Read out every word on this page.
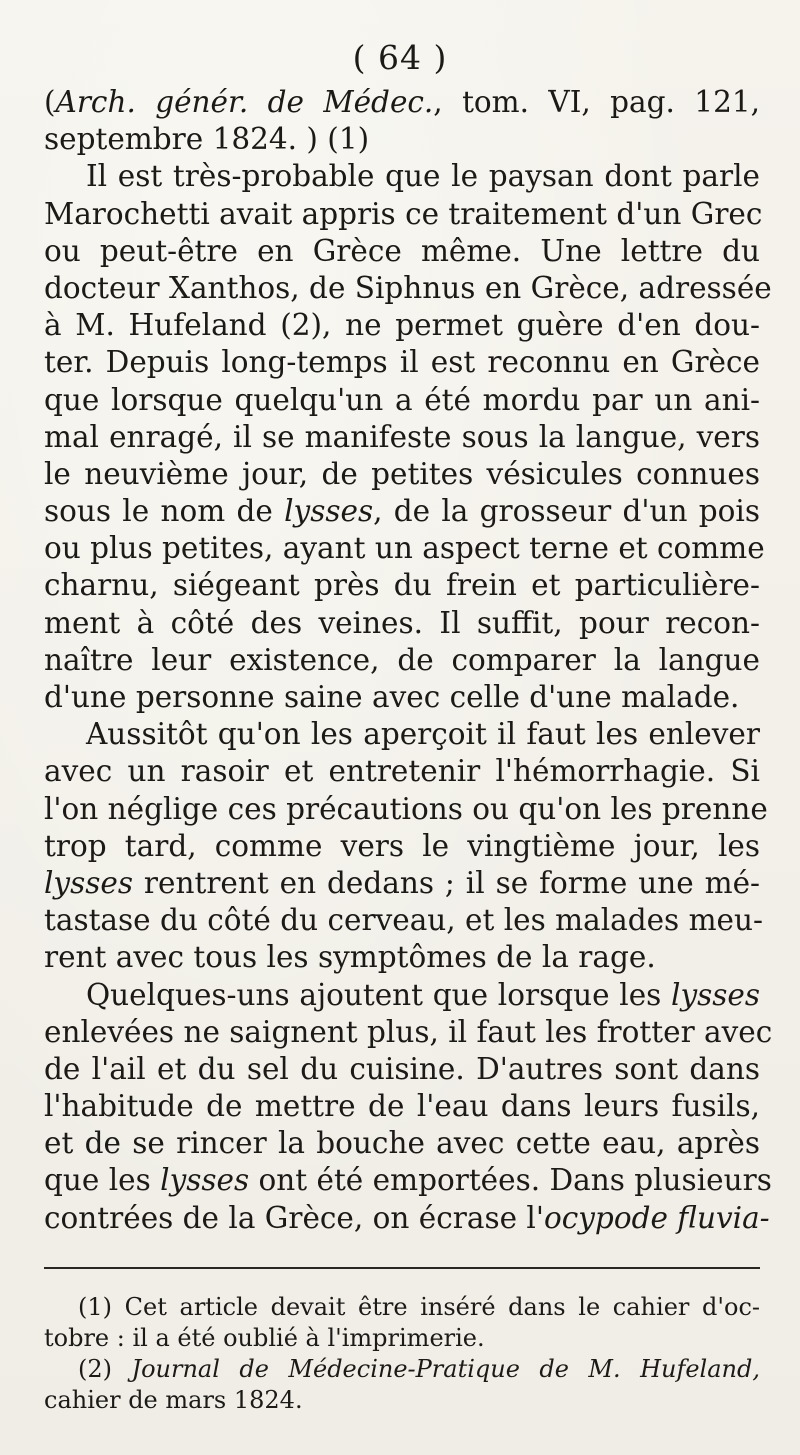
( 64 )
(Arch. génér. de Médec., tom. VI, pag. 121,
septembre 1824. ) (1)
Il est très-probable que le paysan dont parle
Marochetti avait appris ce traitement d'un Grec
ou peut-être en Grèce même. Une lettre du
docteur Xanthos, de Siphnus en Grèce, adressée
à M. Hufeland (2), ne permet guère d'en dou-
ter. Depuis long-temps il est reconnu en Grèce
que lorsque quelqu'un a été mordu par un ani-
mal enragé, il se manifeste sous la langue, vers
le neuvième jour, de petites vésicules connues
sous le nom de lysses, de la grosseur d'un pois
ou plus petites, ayant un aspect terne et comme
charnu, siégeant près du frein et particulière-
ment à côté des veines. Il suffit, pour recon-
naître leur existence, de comparer la langue
d'une personne saine avec celle d'une malade.
Aussitôt qu'on les aperçoit il faut les enlever
avec un rasoir et entretenir l'hémorrhagie. Si
l'on néglige ces précautions ou qu'on les prenne
trop tard, comme vers le vingtième jour, les
lysses rentrent en dedans ; il se forme une mé-
tastase du côté du cerveau, et les malades meu-
rent avec tous les symptômes de la rage.
Quelques-uns ajoutent que lorsque les lysses
enlevées ne saignent plus, il faut les frotter avec
de l'ail et du sel du cuisine. D'autres sont dans
l'habitude de mettre de l'eau dans leurs fusils,
et de se rincer la bouche avec cette eau, après
que les lysses ont été emportées. Dans plusieurs
contrées de la Grèce, on écrase l'ocypode fluvia-
(1) Cet article devait être inséré dans le cahier d'oc-
tobre : il a été oublié à l'imprimerie.
(2) Journal de Médecine-Pratique de M. Hufeland,
cahier de mars 1824.
